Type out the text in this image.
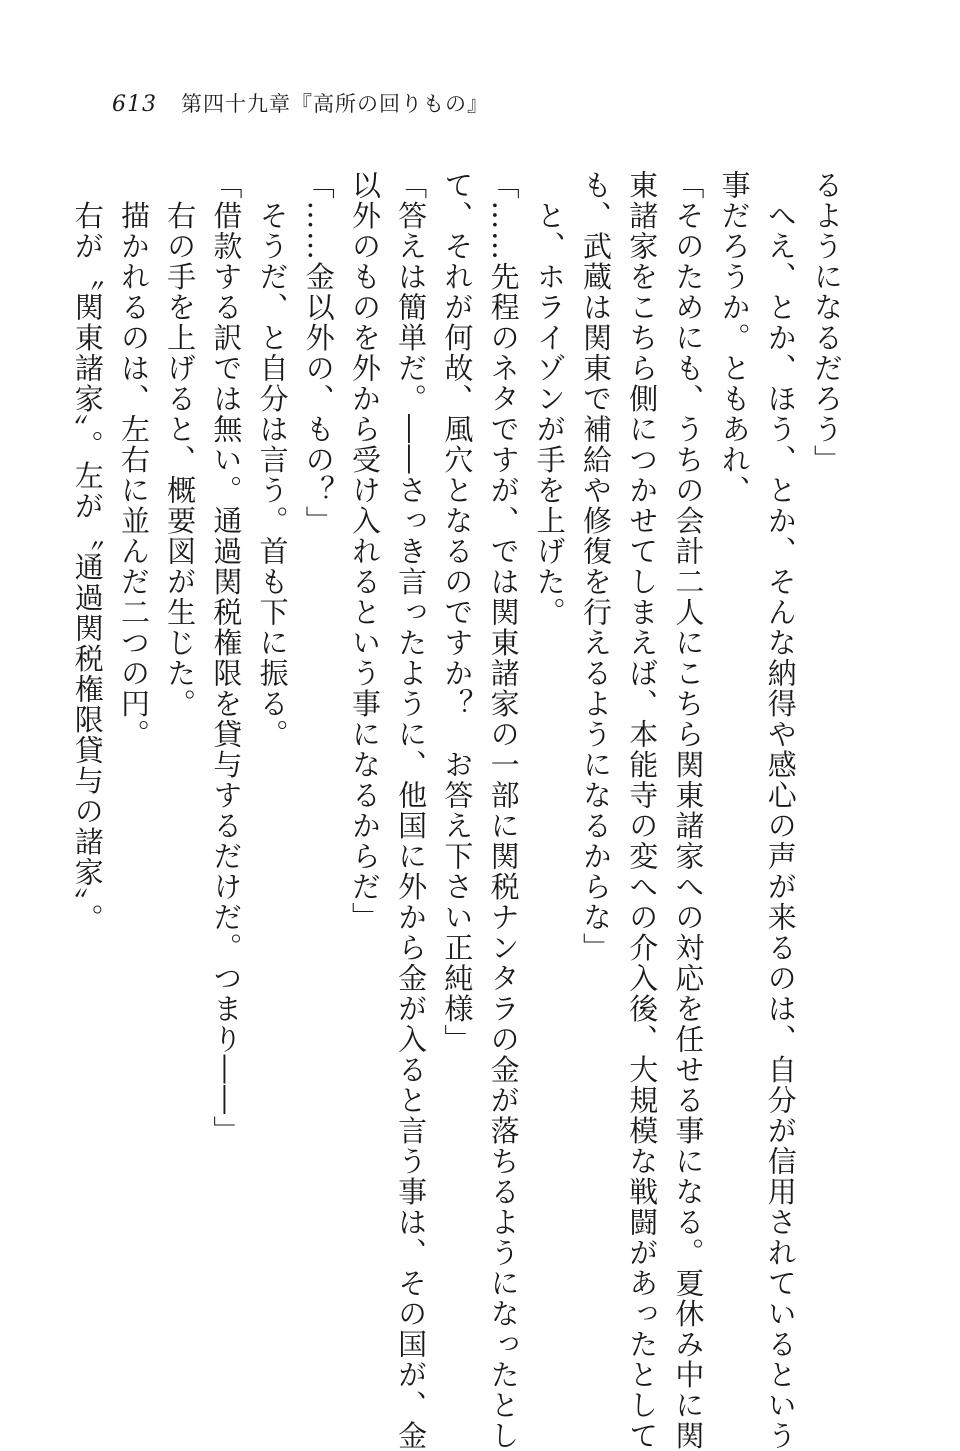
613 第四十九章『高所の回りもの』
るようになるだろう」
　へえ、とか、ほう、とか、そんな納得や感心の声が来るのは、自分が信用されているという
事だろうか。ともあれ、
「そのためにも、うちの会計二人にこちら関東諸家への対応を任せる事になる。夏休み中に関
東諸家をこちら側につかせてしまえば、本能寺の変への介入後、大規模な戦闘があったとして
も、武蔵は関東で補給や修復を行えるようになるからな」
　と、ホライゾンが手を上げた。
「……先程のネタですが、では関東諸家の一部に関税ナンタラの金が落ちるようになったとし
て、それが何故、風穴となるのですか？　お答え下さい正純様」
「答えは簡単だ。――さっき言ったように、他国に外から金が入ると言う事は、その国が、金
以外のものを外から受け入れるという事になるからだ」
「……金以外の、もの？」
　そうだ、と自分は言う。首も下に振る。
「借款する訳では無い。通過関税権限を貸与するだけだ。つまり――」
　右の手を上げると、概要図が生じた。
　描かれるのは、左右に並んだ二つの円。
　右が〝関東諸家〟。左が〝通過関税権限貸与の諸家〟。
